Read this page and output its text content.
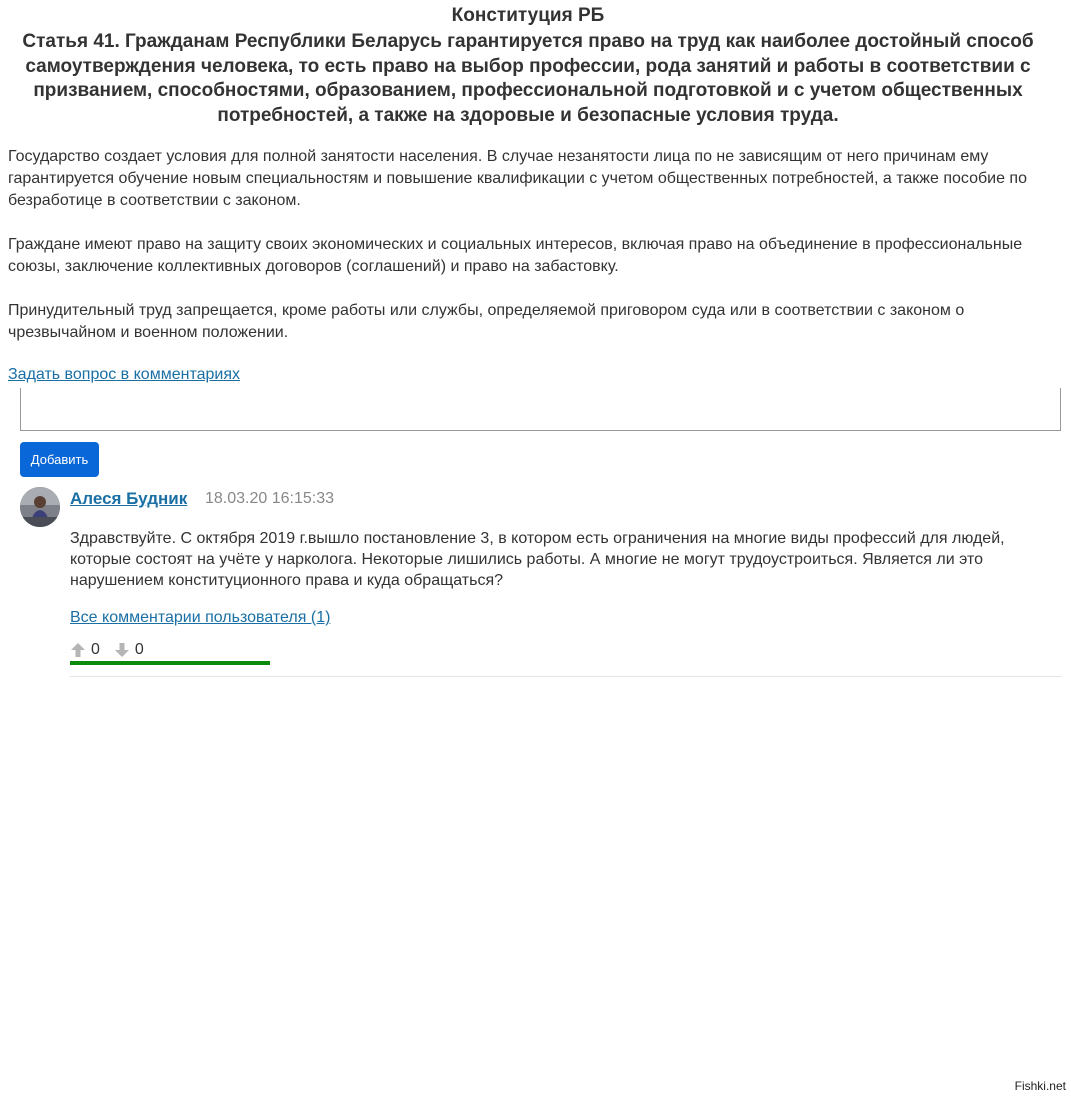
Конституция РБ
Статья 41. Гражданам Республики Беларусь гарантируется право на труд как наиболее достойный способ самоутверждения человека, то есть право на выбор профессии, рода занятий и работы в соответствии с призванием, способностями, образованием, профессиональной подготовкой и с учетом общественных потребностей, а также на здоровые и безопасные условия труда.

Государство создает условия для полной занятости населения. В случае незанятости лица по не зависящим от него причинам ему гарантируется обучение новым специальностям и повышение квалификации с учетом общественных потребностей, а также пособие по безработице в соответствии с законом.

Граждане имеют право на защиту своих экономических и социальных интересов, включая право на объединение в профессиональные союзы, заключение коллективных договоров (соглашений) и право на забастовку.

Принудительный труд запрещается, кроме работы или службы, определяемой приговором суда или в соответствии с законом о чрезвычайном и военном положении.

Задать вопрос в комментариях
Добавить
Алеся Будник 18.03.20 16:15:33
Здравствуйте. С октября 2019 г.вышло постановление 3, в котором есть ограничения на многие виды профессий для людей, которые состоят на учёте у нарколога. Некоторые лишились работы. А многие не могут трудоустроиться. Является ли это нарушением конституционного права и куда обращаться?
Все комментарии пользователя (1)
0 0
Fishki.net
